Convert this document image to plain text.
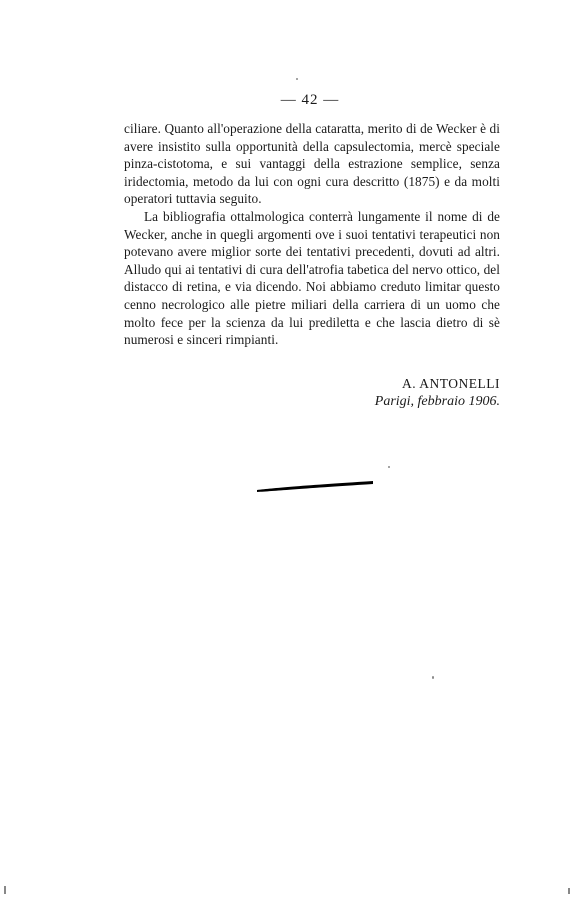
— 42 —

ciliare. Quanto all'operazione della cataratta, merito di de Wecker è di avere insistito sulla opportunità della capsulectomia, mercè speciale pinza-cistotoma, e sui vantaggi della estrazione semplice, senza iridectomia, metodo da lui con ogni cura descritto (1875) e da molti operatori tuttavia seguito.

La bibliografia ottalmologica conterrà lungamente il nome di de Wecker, anche in quegli argomenti ove i suoi tentativi terapeutici non potevano avere miglior sorte dei tentativi precedenti, dovuti ad altri. Alludo qui ai tentativi di cura dell'atrofia tabetica del nervo ottico, del distacco di retina, e via dicendo. Noi abbiamo creduto limitar questo cenno necrologico alle pietre miliari della carriera di un uomo che molto fece per la scienza da lui prediletta e che lascia dietro di sè numerosi e sinceri rimpianti.

A. ANTONELLI
Parigi, febbraio 1906.
